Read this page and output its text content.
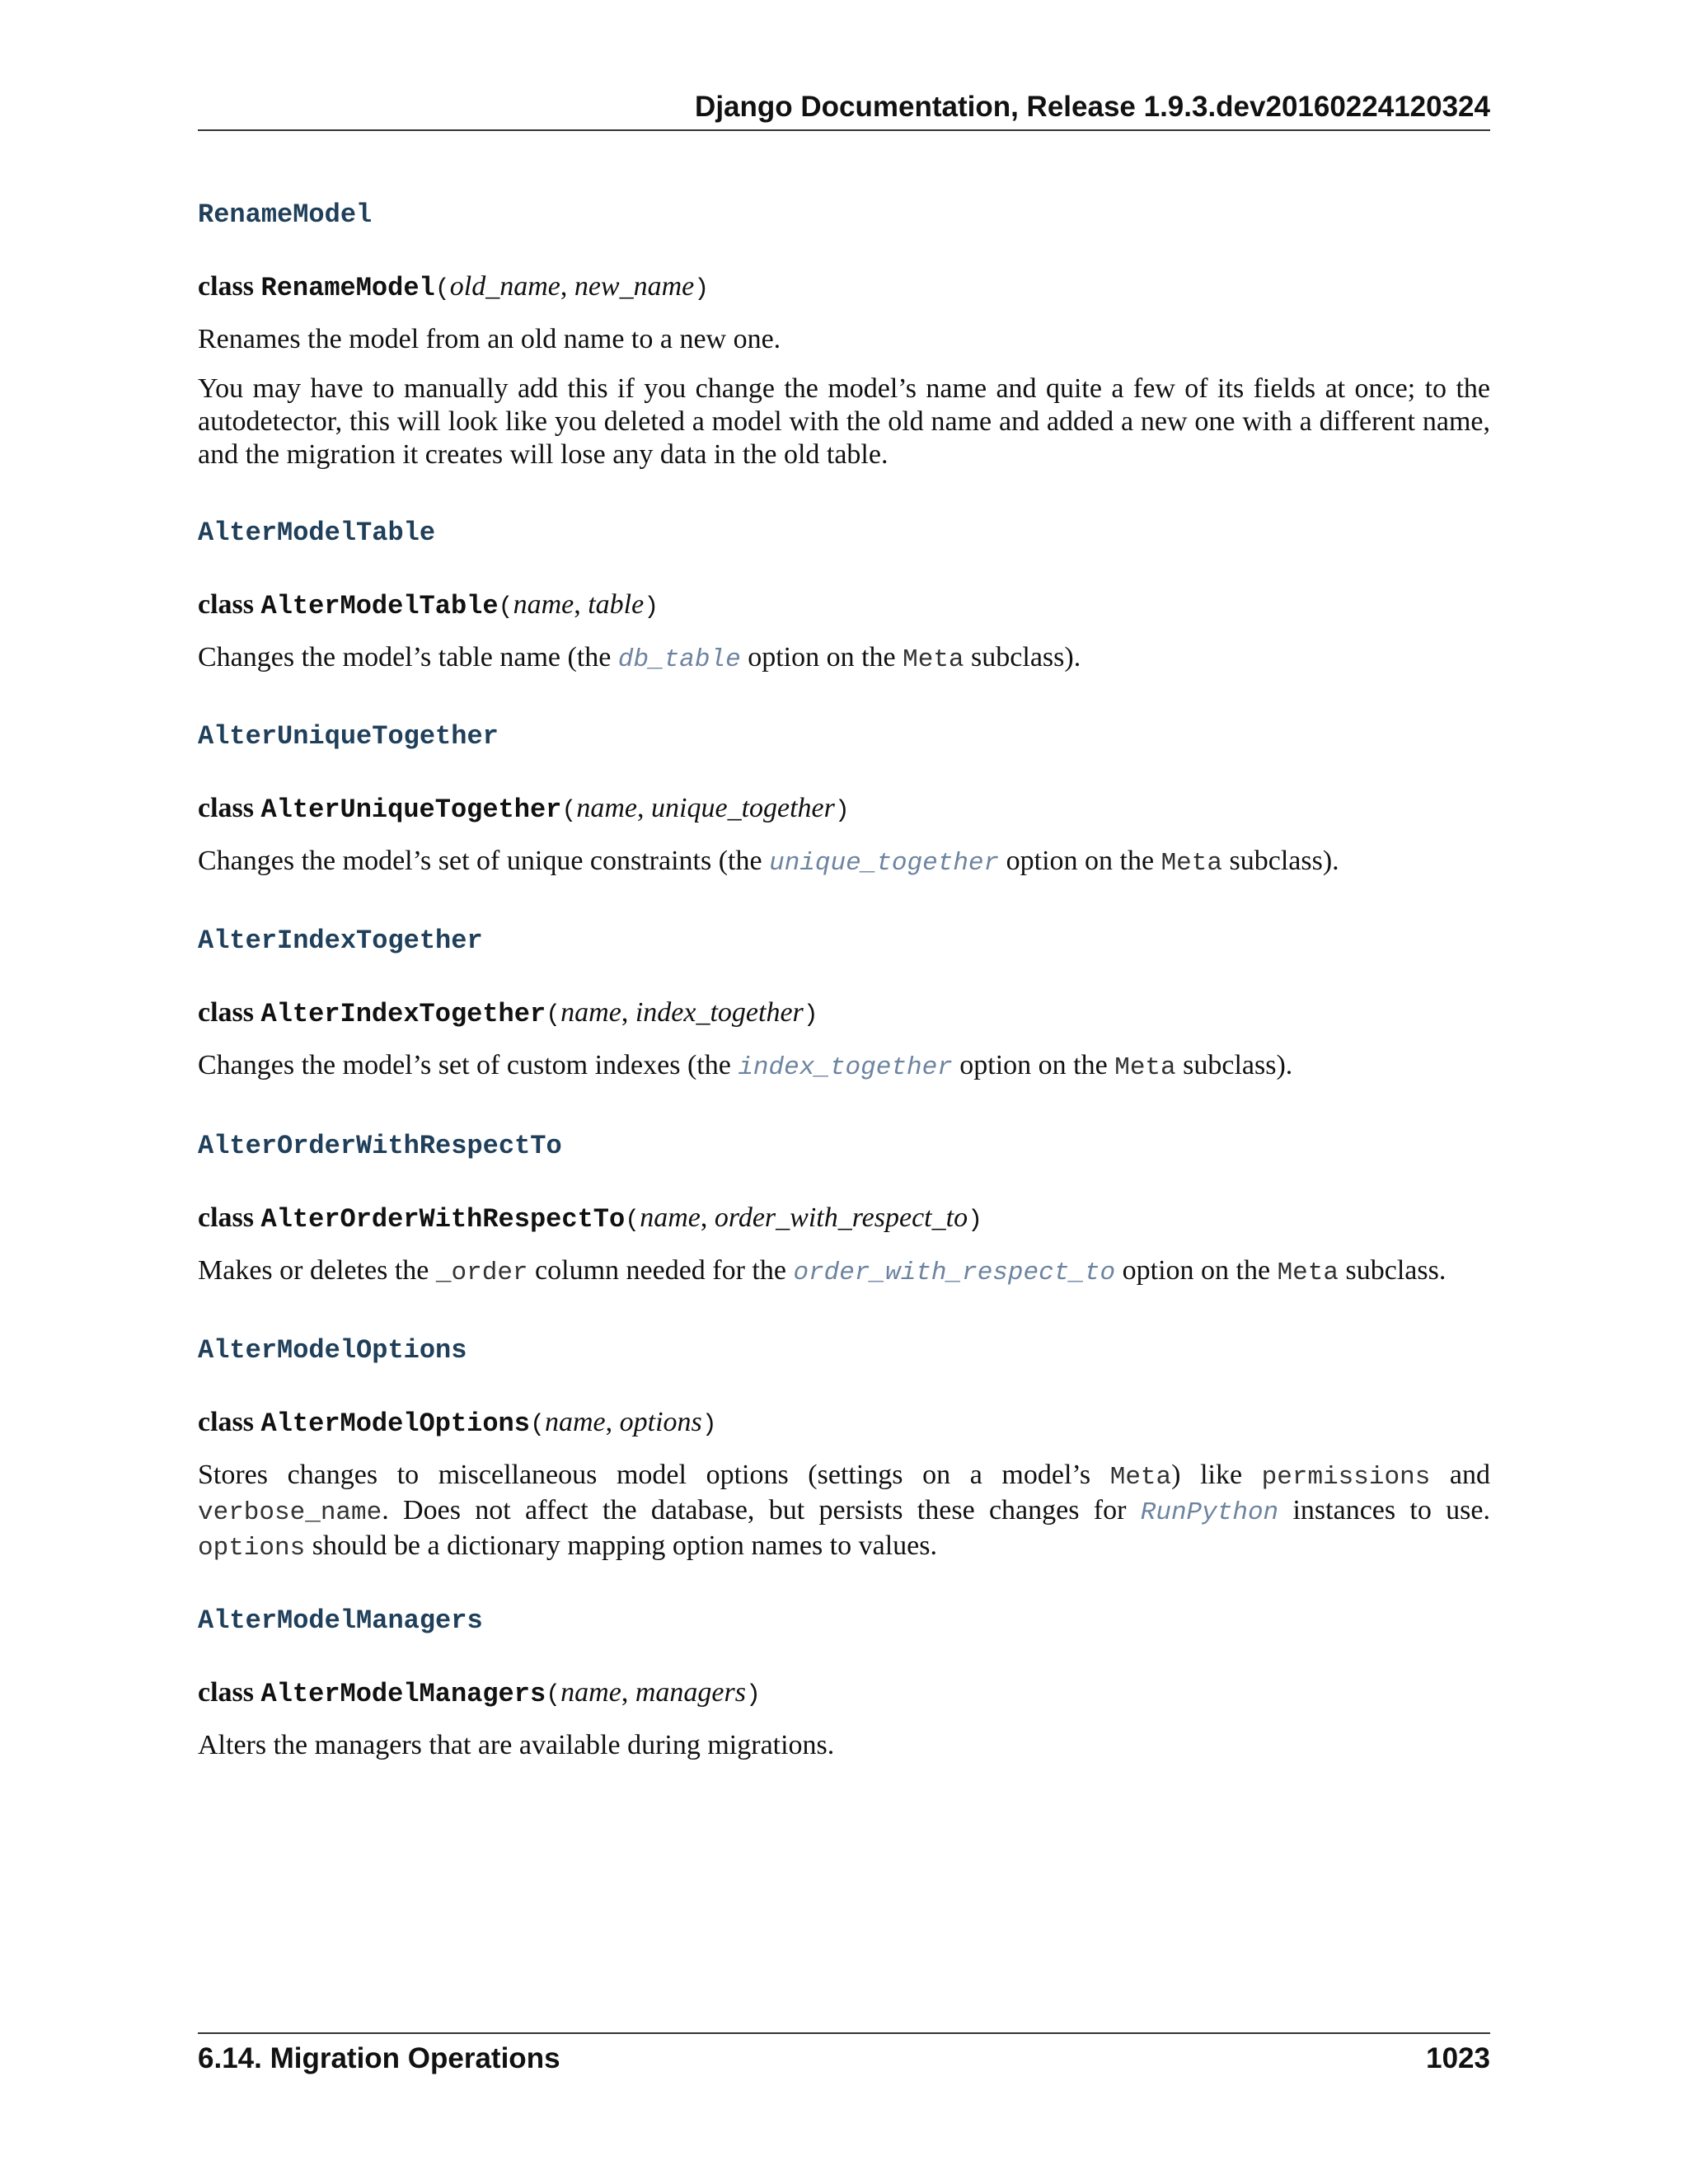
Django Documentation, Release 1.9.3.dev20160224120324
RenameModel
class RenameModel(old_name, new_name)

Renames the model from an old name to a new one.

You may have to manually add this if you change the model’s name and quite a few of its fields at once; to the autodetector, this will look like you deleted a model with the old name and added a new one with a different name, and the migration it creates will lose any data in the old table.

AlterModelTable
class AlterModelTable(name, table)

Changes the model’s table name (the db_table option on the Meta subclass).

AlterUniqueTogether
class AlterUniqueTogether(name, unique_together)

Changes the model’s set of unique constraints (the unique_together option on the Meta subclass).

AlterIndexTogether
class AlterIndexTogether(name, index_together)

Changes the model’s set of custom indexes (the index_together option on the Meta subclass).

AlterOrderWithRespectTo
class AlterOrderWithRespectTo(name, order_with_respect_to)

Makes or deletes the _order column needed for the order_with_respect_to option on the Meta subclass.

AlterModelOptions
class AlterModelOptions(name, options)

Stores changes to miscellaneous model options (settings on a model’s Meta) like permissions and verbose_name. Does not affect the database, but persists these changes for RunPython instances to use. options should be a dictionary mapping option names to values.

AlterModelManagers
class AlterModelManagers(name, managers)

Alters the managers that are available during migrations.

6.14. Migration Operations	1023
